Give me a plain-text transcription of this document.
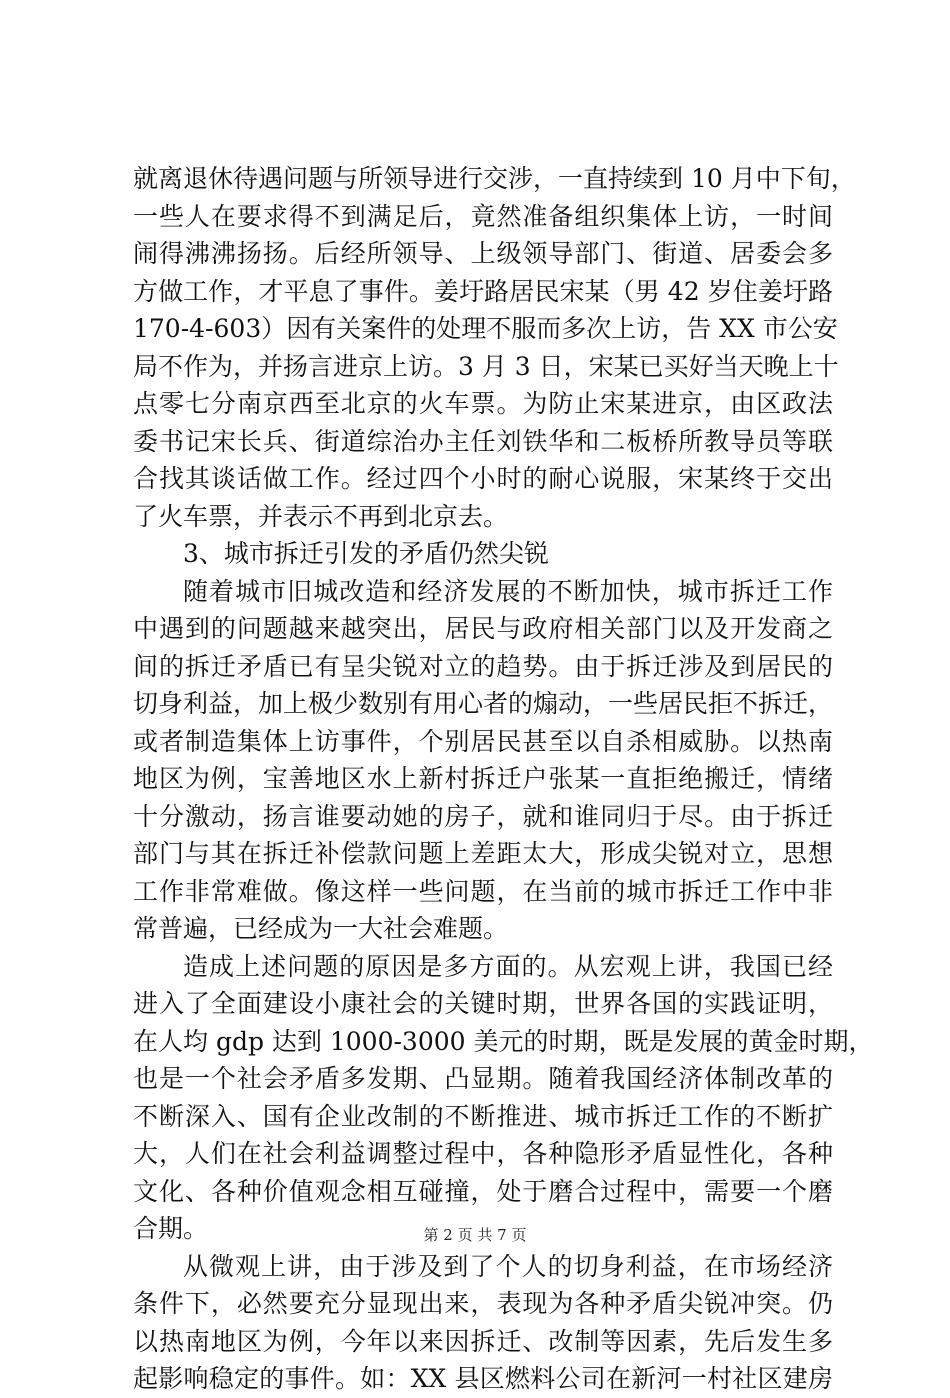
就离退休待遇问题与所领导进行交涉，一直持续到 10 月中下旬，
一些人在要求得不到满足后，竟然准备组织集体上访，一时间
闹得沸沸扬扬。后经所领导、上级领导部门、街道、居委会多
方做工作，才平息了事件。姜圩路居民宋某（男 42 岁住姜圩路
170-4-603）因有关案件的处理不服而多次上访，告 XX 市公安
局不作为，并扬言进京上访。3 月 3 日，宋某已买好当天晚上十
点零七分南京西至北京的火车票。为防止宋某进京，由区政法
委书记宋长兵、街道综治办主任刘铁华和二板桥所教导员等联
合找其谈话做工作。经过四个小时的耐心说服，宋某终于交出
了火车票，并表示不再到北京去。
3、城市拆迁引发的矛盾仍然尖锐
随着城市旧城改造和经济发展的不断加快，城市拆迁工作
中遇到的问题越来越突出，居民与政府相关部门以及开发商之
间的拆迁矛盾已有呈尖锐对立的趋势。由于拆迁涉及到居民的
切身利益，加上极少数别有用心者的煽动，一些居民拒不拆迁，
或者制造集体上访事件，个别居民甚至以自杀相威胁。以热南
地区为例，宝善地区水上新村拆迁户张某一直拒绝搬迁，情绪
十分激动，扬言谁要动她的房子，就和谁同归于尽。由于拆迁
部门与其在拆迁补偿款问题上差距太大，形成尖锐对立，思想
工作非常难做。像这样一些问题，在当前的城市拆迁工作中非
常普遍，已经成为一大社会难题。
造成上述问题的原因是多方面的。从宏观上讲，我国已经
进入了全面建设小康社会的关键时期，世界各国的实践证明，
在人均 gdp 达到 1000-3000 美元的时期，既是发展的黄金时期，
也是一个社会矛盾多发期、凸显期。随着我国经济体制改革的
不断深入、国有企业改制的不断推进、城市拆迁工作的不断扩
大，人们在社会利益调整过程中，各种隐形矛盾显性化，各种
文化、各种价值观念相互碰撞，处于磨合过程中，需要一个磨
合期。
从微观上讲，由于涉及到了个人的切身利益，在市场经济
条件下，必然要充分显现出来，表现为各种矛盾尖锐冲突。仍
以热南地区为例，今年以来因拆迁、改制等因素，先后发生多
起影响稳定的事件。如：XX 县区燃料公司在新河一村社区建房
第 2 页 共 7 页
